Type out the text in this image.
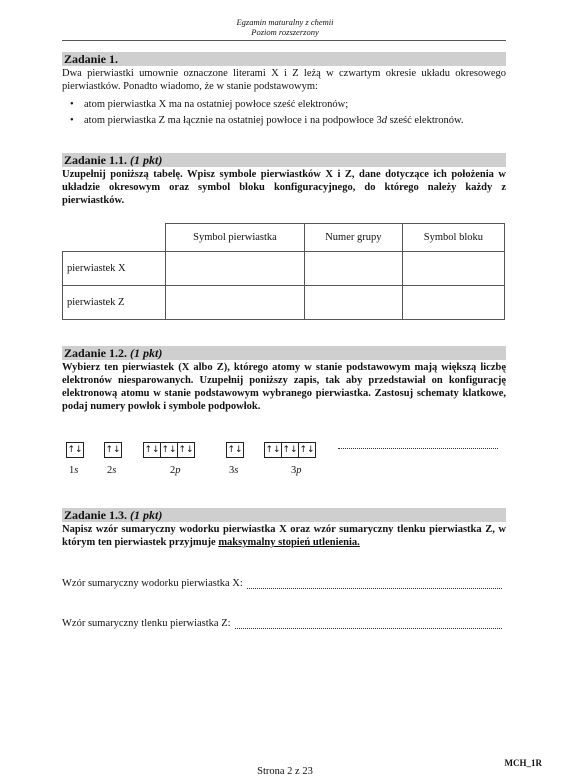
Egzamin maturalny z chemii
Poziom rozszerzony
Zadanie 1.
Dwa pierwiastki umownie oznaczone literami X i Z leżą w czwartym okresie układu okresowego pierwiastków. Ponadto wiadomo, że w stanie podstawowym:
• atom pierwiastka X ma na ostatniej powłoce sześć elektronów;
• atom pierwiastka Z ma łącznie na ostatniej powłoce i na podpowłoce 3d sześć elektronów.
Zadanie 1.1. (1 pkt)
Uzupełnij poniższą tabelę. Wpisz symbole pierwiastków X i Z, dane dotyczące ich położenia w układzie okresowym oraz symbol bloku konfiguracyjnego, do którego należy każdy z pierwiastków.
	Symbol pierwiastka	Numer grupy	Symbol bloku
pierwiastek X			
pierwiastek Z			
Zadanie 1.2. (1 pkt)
Wybierz ten pierwiastek (X albo Z), którego atomy w stanie podstawowym mają większą liczbę elektronów niesparowanych. Uzupełnij poniższy zapis, tak aby przedstawiał on konfigurację elektronową atomu w stanie podstawowym wybranego pierwiastka. Zastosuj schematy klatkowe, podaj numery powłok i symbole podpowłok.
↑↓	↑↓	↑↓ ↑↓ ↑↓	↑↓	↑↓ ↑↓ ↑↓
1s	2s	2p	3s	3p
Zadanie 1.3. (1 pkt)
Napisz wzór sumaryczny wodorku pierwiastka X oraz wzór sumaryczny tlenku pierwiastka Z, w którym ten pierwiastek przyjmuje maksymalny stopień utlenienia.
Wzór sumaryczny wodorku pierwiastka X:
Wzór sumaryczny tlenku pierwiastka Z:
MCH_1R
Strona 2 z 23
